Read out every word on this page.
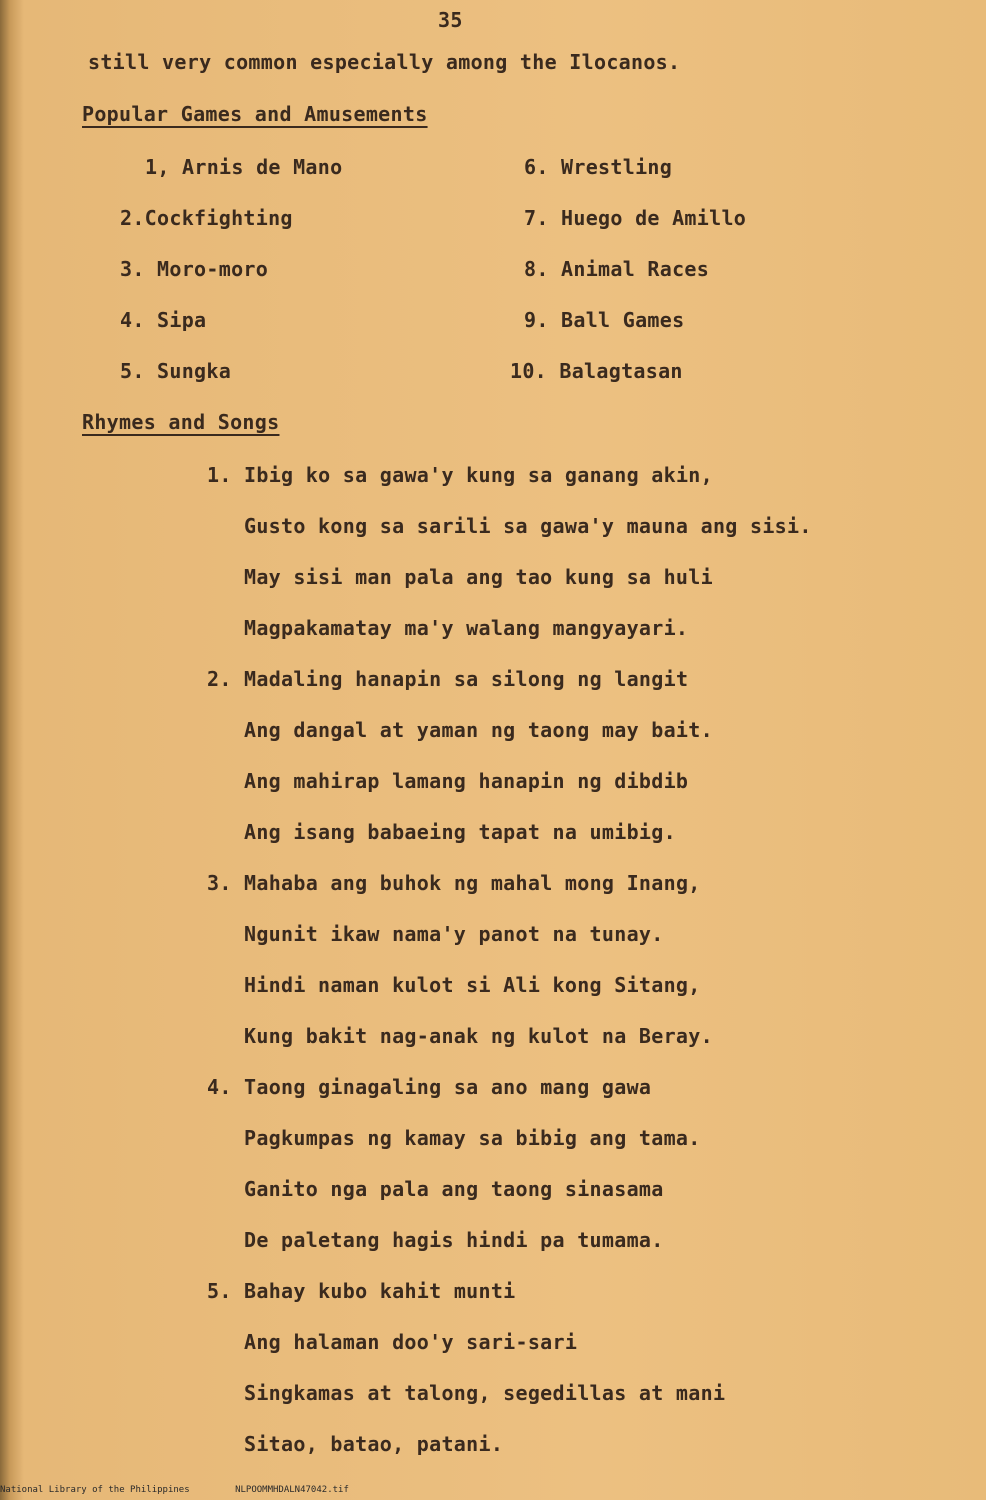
35
still very common especially among the Ilocanos.
Popular Games and Amusements
1, Arnis de Mano
2.Cockfighting
3. Moro-moro
4. Sipa
5. Sungka
6. Wrestling
7. Huego de Amillo
8. Animal Races
9. Ball Games
10. Balagtasan
Rhymes and Songs
1. Ibig ko sa gawa'y kung sa ganang akin,
Gusto kong sa sarili sa gawa'y mauna ang sisi.
May sisi man pala ang tao kung sa huli
Magpakamatay ma'y walang mangyayari.
2. Madaling hanapin sa silong ng langit
Ang dangal at yaman ng taong may bait.
Ang mahirap lamang hanapin ng dibdib
Ang isang babaeing tapat na umibig.
3. Mahaba ang buhok ng mahal mong Inang,
Ngunit ikaw nama'y panot na tunay.
Hindi naman kulot si Ali kong Sitang,
Kung bakit nag-anak ng kulot na Beray.
4. Taong ginagaling sa ano mang gawa
Pagkumpas ng kamay sa bibig ang tama.
Ganito nga pala ang taong sinasama
De paletang hagis hindi pa tumama.
5. Bahay kubo kahit munti
Ang halaman doo'y sari-sari
Singkamas at talong, segedillas at mani
Sitao, batao, patani.
National Library of the Philippines	NLPOOMMHDALN47042.tif
